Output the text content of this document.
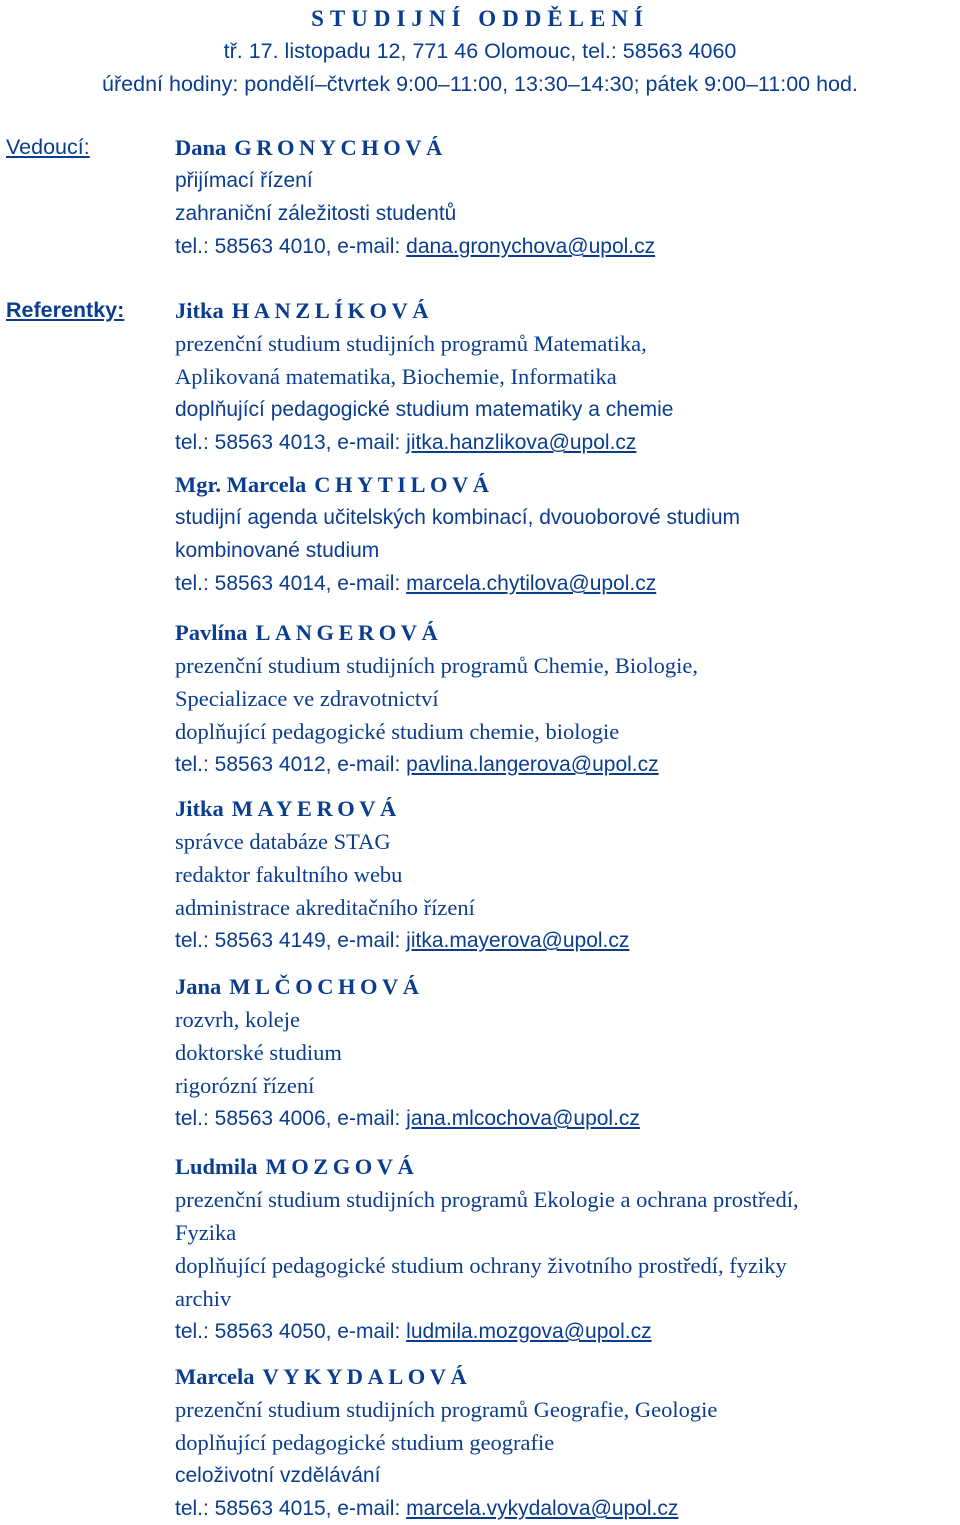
STUDIJNÍ ODDĚLENÍ
tř. 17. listopadu 12, 771 46 Olomouc, tel.: 58563 4060
úřední hodiny: pondělí–čtvrtek 9:00–11:00, 13:30–14:30; pátek 9:00–11:00 hod.
Vedoucí:	Dana GRONYCHOVÁ
přijímací řízení
zahraniční záležitosti studentů
tel.: 58563 4010, e-mail: dana.gronychova@upol.cz
Referentky: Jitka HANZLÍKOVÁ
prezenční studium studijních programů Matematika,
Aplikovaná matematika, Biochemie, Informatika
doplňující pedagogické studium matematiky a chemie
tel.: 58563 4013, e-mail: jitka.hanzlikova@upol.cz
Mgr. Marcela CHYTILOVÁ
studijní agenda učitelských kombinací, dvouoborové studium
kombinované studium
tel.: 58563 4014, e-mail: marcela.chytilova@upol.cz
Pavlína LANGEROVÁ
prezenční studium studijních programů Chemie, Biologie,
Specializace ve zdravotnictví
doplňující pedagogické studium chemie, biologie
tel.: 58563 4012, e-mail: pavlina.langerova@upol.cz
Jitka MAYEROVÁ
správce databáze STAG
redaktor fakultního webu
administrace akreditačního řízení
tel.: 58563 4149, e-mail: jitka.mayerova@upol.cz
Jana MLČOCHOVÁ
rozvrh, koleje
doktorské studium
rigorózní řízení
tel.: 58563 4006, e-mail: jana.mlcochova@upol.cz
Ludmila MOZGOVÁ
prezenční studium studijních programů Ekologie a ochrana prostředí,
Fyzika
doplňující pedagogické studium ochrany životního prostředí, fyziky
archiv
tel.: 58563 4050, e-mail: ludmila.mozgova@upol.cz
Marcela VYKYDALOVÁ
prezenční studium studijních programů Geografie, Geologie
doplňující pedagogické studium geografie
celoživotní vzdělávání
tel.: 58563 4015, e-mail: marcela.vykydalova@upol.cz
